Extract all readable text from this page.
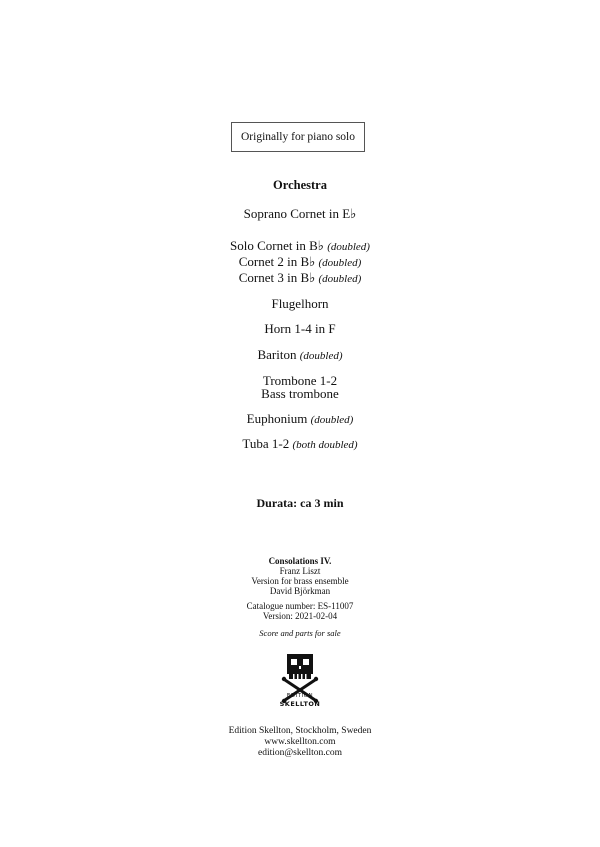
Originally for piano solo
Orchestra
Soprano Cornet in E♭
Solo Cornet in B♭ (doubled)
Cornet 2 in B♭ (doubled)
Cornet 3 in B♭ (doubled)
Flugelhorn
Horn 1-4 in F
Bariton (doubled)
Trombone 1-2
Bass trombone
Euphonium (doubled)
Tuba 1-2 (both doubled)
Durata: ca 3 min
Consolations IV.
Franz Liszt
Version for brass ensemble
David Björkman
Catalogue number: ES-11007
Version: 2021-02-04
Score and parts for sale
EDITION
SKELLTON
Edition Skellton, Stockholm, Sweden
www.skellton.com
edition@skellton.com
